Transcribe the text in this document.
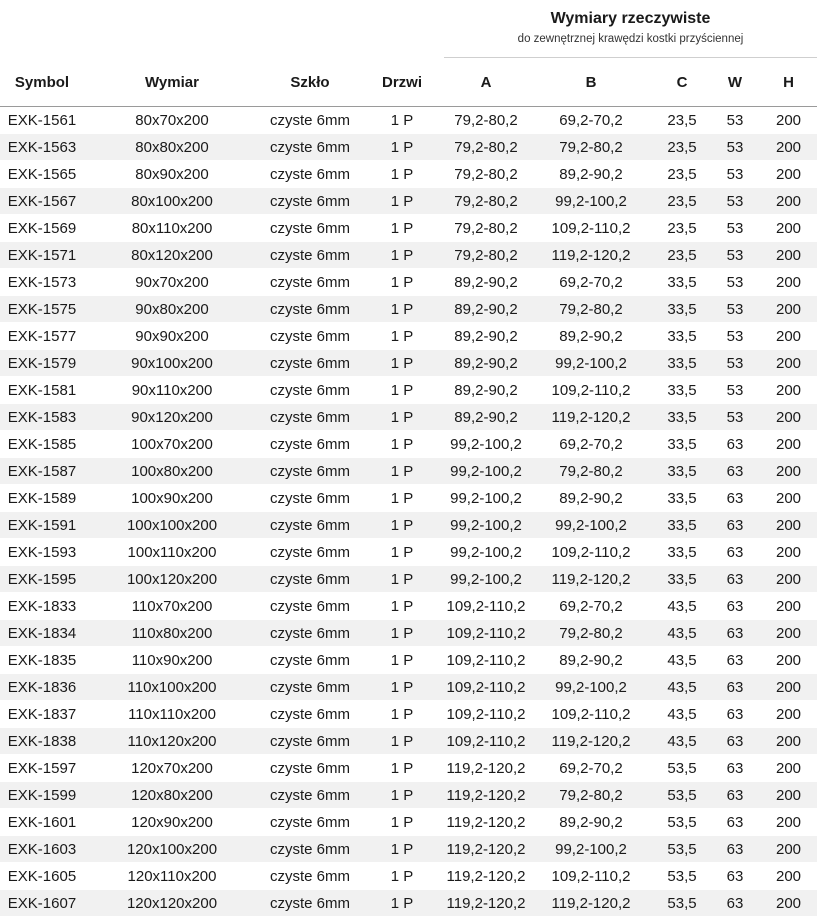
Wymiary rzeczywiste
do zewnętrznej krawędzi kostki przyściennej
Symbol	Wymiar	Szkło	Drzwi	A	B	C	W	H
EXK-1561	80x70x200	czyste 6mm	1 P	79,2-80,2	69,2-70,2	23,5	53	200
EXK-1563	80x80x200	czyste 6mm	1 P	79,2-80,2	79,2-80,2	23,5	53	200
EXK-1565	80x90x200	czyste 6mm	1 P	79,2-80,2	89,2-90,2	23,5	53	200
EXK-1567	80x100x200	czyste 6mm	1 P	79,2-80,2	99,2-100,2	23,5	53	200
EXK-1569	80x110x200	czyste 6mm	1 P	79,2-80,2	109,2-110,2	23,5	53	200
EXK-1571	80x120x200	czyste 6mm	1 P	79,2-80,2	119,2-120,2	23,5	53	200
EXK-1573	90x70x200	czyste 6mm	1 P	89,2-90,2	69,2-70,2	33,5	53	200
EXK-1575	90x80x200	czyste 6mm	1 P	89,2-90,2	79,2-80,2	33,5	53	200
EXK-1577	90x90x200	czyste 6mm	1 P	89,2-90,2	89,2-90,2	33,5	53	200
EXK-1579	90x100x200	czyste 6mm	1 P	89,2-90,2	99,2-100,2	33,5	53	200
EXK-1581	90x110x200	czyste 6mm	1 P	89,2-90,2	109,2-110,2	33,5	53	200
EXK-1583	90x120x200	czyste 6mm	1 P	89,2-90,2	119,2-120,2	33,5	53	200
EXK-1585	100x70x200	czyste 6mm	1 P	99,2-100,2	69,2-70,2	33,5	63	200
EXK-1587	100x80x200	czyste 6mm	1 P	99,2-100,2	79,2-80,2	33,5	63	200
EXK-1589	100x90x200	czyste 6mm	1 P	99,2-100,2	89,2-90,2	33,5	63	200
EXK-1591	100x100x200	czyste 6mm	1 P	99,2-100,2	99,2-100,2	33,5	63	200
EXK-1593	100x110x200	czyste 6mm	1 P	99,2-100,2	109,2-110,2	33,5	63	200
EXK-1595	100x120x200	czyste 6mm	1 P	99,2-100,2	119,2-120,2	33,5	63	200
EXK-1833	110x70x200	czyste 6mm	1 P	109,2-110,2	69,2-70,2	43,5	63	200
EXK-1834	110x80x200	czyste 6mm	1 P	109,2-110,2	79,2-80,2	43,5	63	200
EXK-1835	110x90x200	czyste 6mm	1 P	109,2-110,2	89,2-90,2	43,5	63	200
EXK-1836	110x100x200	czyste 6mm	1 P	109,2-110,2	99,2-100,2	43,5	63	200
EXK-1837	110x110x200	czyste 6mm	1 P	109,2-110,2	109,2-110,2	43,5	63	200
EXK-1838	110x120x200	czyste 6mm	1 P	109,2-110,2	119,2-120,2	43,5	63	200
EXK-1597	120x70x200	czyste 6mm	1 P	119,2-120,2	69,2-70,2	53,5	63	200
EXK-1599	120x80x200	czyste 6mm	1 P	119,2-120,2	79,2-80,2	53,5	63	200
EXK-1601	120x90x200	czyste 6mm	1 P	119,2-120,2	89,2-90,2	53,5	63	200
EXK-1603	120x100x200	czyste 6mm	1 P	119,2-120,2	99,2-100,2	53,5	63	200
EXK-1605	120x110x200	czyste 6mm	1 P	119,2-120,2	109,2-110,2	53,5	63	200
EXK-1607	120x120x200	czyste 6mm	1 P	119,2-120,2	119,2-120,2	53,5	63	200
